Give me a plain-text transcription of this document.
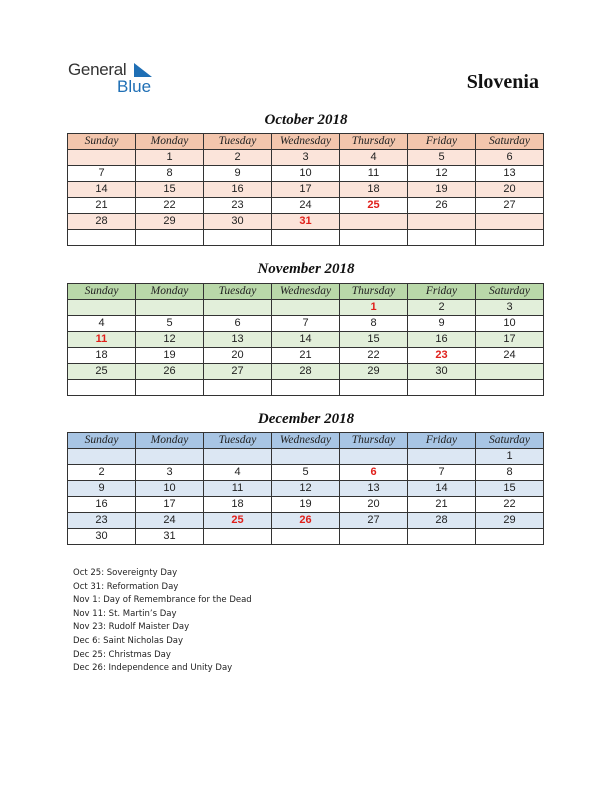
General
Blue	Slovenia
October 2018
Sunday	Monday	Tuesday	Wednesday	Thursday	Friday	Saturday
	1	2	3	4	5	6
7	8	9	10	11	12	13
14	15	16	17	18	19	20
21	22	23	24	25	26	27
28	29	30	31			

November 2018
Sunday	Monday	Tuesday	Wednesday	Thursday	Friday	Saturday
				1	2	3
4	5	6	7	8	9	10
11	12	13	14	15	16	17
18	19	20	21	22	23	24
25	26	27	28	29	30	

December 2018
Sunday	Monday	Tuesday	Wednesday	Thursday	Friday	Saturday
						1
2	3	4	5	6	7	8
9	10	11	12	13	14	15
16	17	18	19	20	21	22
23	24	25	26	27	28	29
30	31					
Oct 25: Sovereignty Day
Oct 31: Reformation Day
Nov 1: Day of Remembrance for the Dead
Nov 11: St. Martin’s Day
Nov 23: Rudolf Maister Day
Dec 6: Saint Nicholas Day
Dec 25: Christmas Day
Dec 26: Independence and Unity Day
